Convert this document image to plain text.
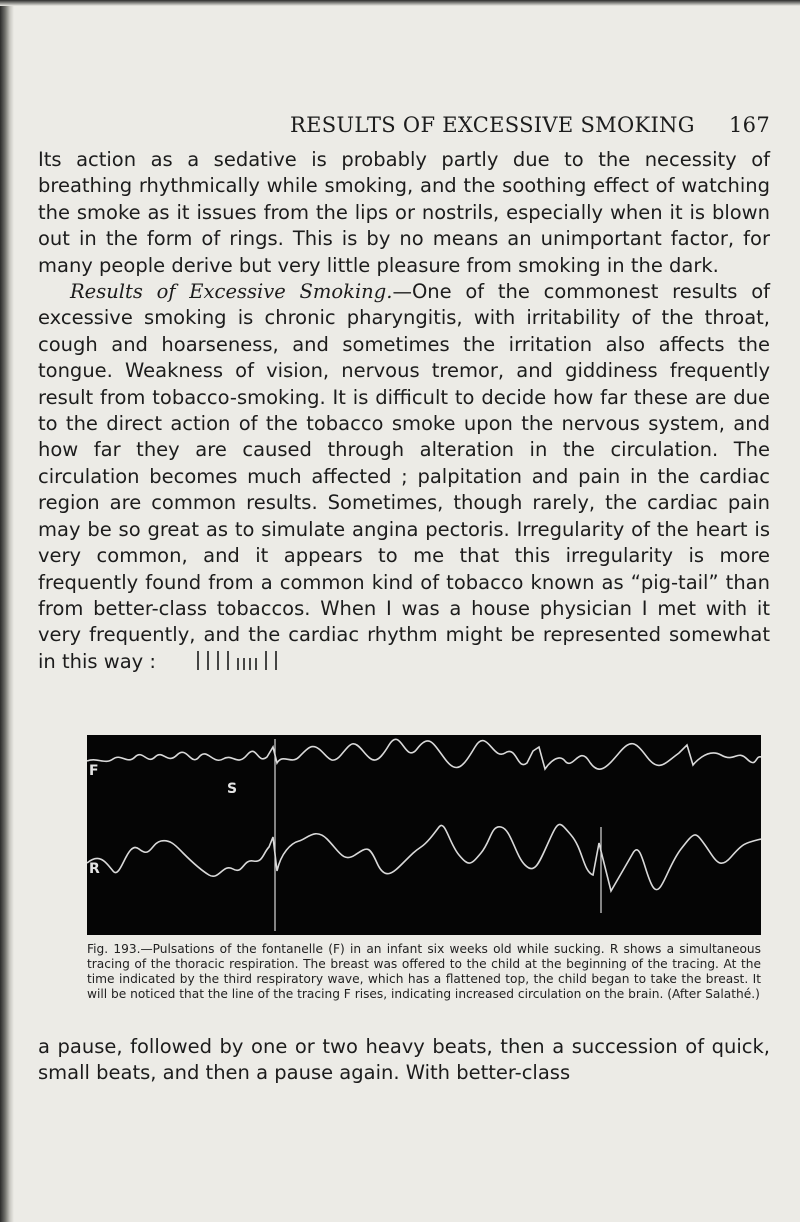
RESULTS OF EXCESSIVE SMOKING 167

Its action as a sedative is probably partly due to the necessity of breathing rhythmically while smoking, and the soothing effect of watching the smoke as it issues from the lips or nostrils, especially when it is blown out in the form of rings. This is by no means an unimportant factor, for many people derive but very little pleasure from smoking in the dark.

Results of Excessive Smoking.—One of the commonest results of excessive smoking is chronic pharyngitis, with irritability of the throat, cough and hoarseness, and sometimes the irritation also affects the tongue. Weakness of vision, nervous tremor, and giddiness frequently result from tobacco-smoking. It is difficult to decide how far these are due to the direct action of the tobacco smoke upon the nervous system, and how far they are caused through alteration in the circulation. The circulation becomes much affected ; palpitation and pain in the cardiac region are common results. Sometimes, though rarely, the cardiac pain may be so great as to simulate angina pectoris. Irregularity of the heart is very common, and it appears to me that this irregularity is more frequently found from a common kind of tobacco known as “pig-tail” than from better-class tobaccos. When I was a house physician I met with it very frequently, and the cardiac rhythm might be represented somewhat in this way :

F
S
R
Fig. 193.—Pulsations of the fontanelle (F) in an infant six weeks old while sucking. R shows a simultaneous tracing of the thoracic respiration. The breast was offered to the child at the beginning of the tracing. At the time indicated by the third respiratory wave, which has a flattened top, the child began to take the breast. It will be noticed that the line of the tracing F rises, indicating increased circulation on the brain. (After Salathé.)
a pause, followed by one or two heavy beats, then a succession of quick, small beats, and then a pause again. With better-class
